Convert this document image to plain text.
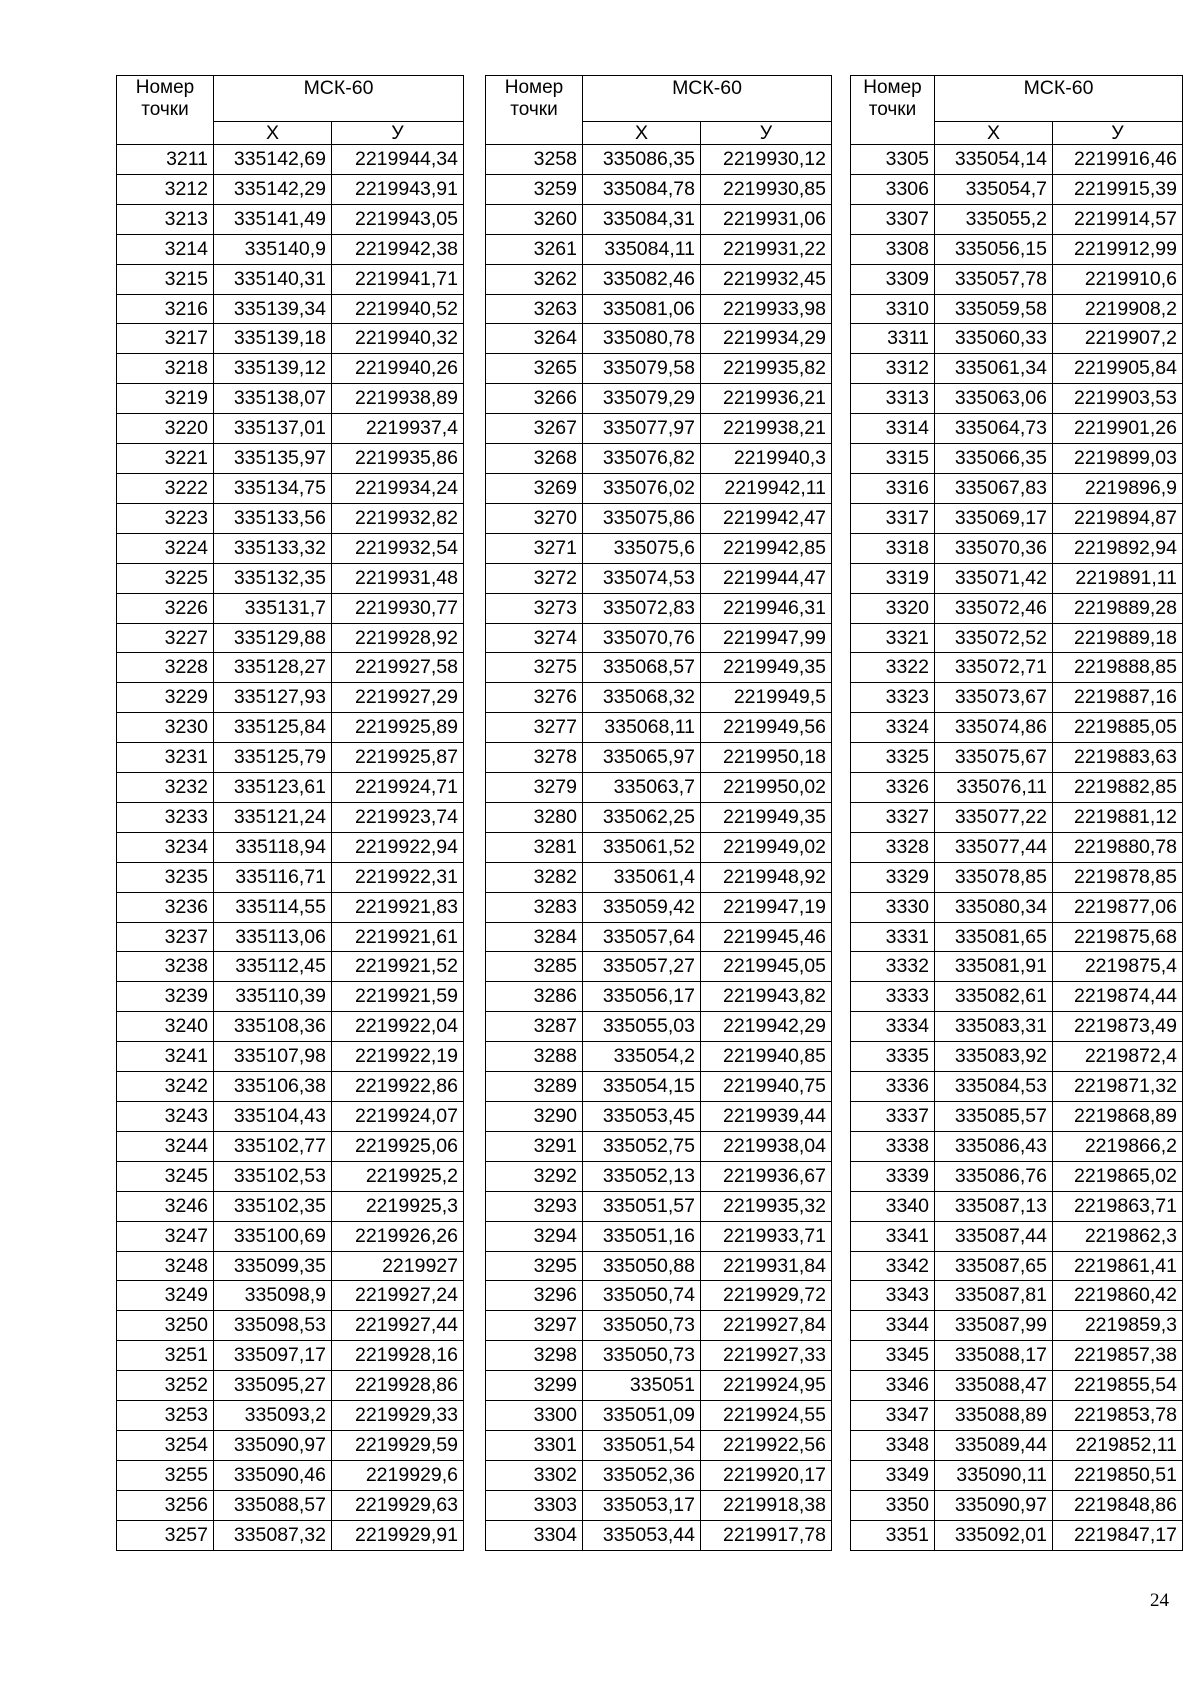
Номер точки	МСК-60	
	Х	У
3211	335142,69	2219944,34
3212	335142,29	2219943,91
3213	335141,49	2219943,05
3214	335140,9	2219942,38
3215	335140,31	2219941,71
3216	335139,34	2219940,52
3217	335139,18	2219940,32
3218	335139,12	2219940,26
3219	335138,07	2219938,89
3220	335137,01	2219937,4
3221	335135,97	2219935,86
3222	335134,75	2219934,24
3223	335133,56	2219932,82
3224	335133,32	2219932,54
3225	335132,35	2219931,48
3226	335131,7	2219930,77
3227	335129,88	2219928,92
3228	335128,27	2219927,58
3229	335127,93	2219927,29
3230	335125,84	2219925,89
3231	335125,79	2219925,87
3232	335123,61	2219924,71
3233	335121,24	2219923,74
3234	335118,94	2219922,94
3235	335116,71	2219922,31
3236	335114,55	2219921,83
3237	335113,06	2219921,61
3238	335112,45	2219921,52
3239	335110,39	2219921,59
3240	335108,36	2219922,04
3241	335107,98	2219922,19
3242	335106,38	2219922,86
3243	335104,43	2219924,07
3244	335102,77	2219925,06
3245	335102,53	2219925,2
3246	335102,35	2219925,3
3247	335100,69	2219926,26
3248	335099,35	2219927
3249	335098,9	2219927,24
3250	335098,53	2219927,44
3251	335097,17	2219928,16
3252	335095,27	2219928,86
3253	335093,2	2219929,33
3254	335090,97	2219929,59
3255	335090,46	2219929,6
3256	335088,57	2219929,63
3257	335087,32	2219929,91
Номер точки	МСК-60	
	Х	У
3258	335086,35	2219930,12
3259	335084,78	2219930,85
3260	335084,31	2219931,06
3261	335084,11	2219931,22
3262	335082,46	2219932,45
3263	335081,06	2219933,98
3264	335080,78	2219934,29
3265	335079,58	2219935,82
3266	335079,29	2219936,21
3267	335077,97	2219938,21
3268	335076,82	2219940,3
3269	335076,02	2219942,11
3270	335075,86	2219942,47
3271	335075,6	2219942,85
3272	335074,53	2219944,47
3273	335072,83	2219946,31
3274	335070,76	2219947,99
3275	335068,57	2219949,35
3276	335068,32	2219949,5
3277	335068,11	2219949,56
3278	335065,97	2219950,18
3279	335063,7	2219950,02
3280	335062,25	2219949,35
3281	335061,52	2219949,02
3282	335061,4	2219948,92
3283	335059,42	2219947,19
3284	335057,64	2219945,46
3285	335057,27	2219945,05
3286	335056,17	2219943,82
3287	335055,03	2219942,29
3288	335054,2	2219940,85
3289	335054,15	2219940,75
3290	335053,45	2219939,44
3291	335052,75	2219938,04
3292	335052,13	2219936,67
3293	335051,57	2219935,32
3294	335051,16	2219933,71
3295	335050,88	2219931,84
3296	335050,74	2219929,72
3297	335050,73	2219927,84
3298	335050,73	2219927,33
3299	335051	2219924,95
3300	335051,09	2219924,55
3301	335051,54	2219922,56
3302	335052,36	2219920,17
3303	335053,17	2219918,38
3304	335053,44	2219917,78
Номер точки	МСК-60	
	Х	У
3305	335054,14	2219916,46
3306	335054,7	2219915,39
3307	335055,2	2219914,57
3308	335056,15	2219912,99
3309	335057,78	2219910,6
3310	335059,58	2219908,2
3311	335060,33	2219907,2
3312	335061,34	2219905,84
3313	335063,06	2219903,53
3314	335064,73	2219901,26
3315	335066,35	2219899,03
3316	335067,83	2219896,9
3317	335069,17	2219894,87
3318	335070,36	2219892,94
3319	335071,42	2219891,11
3320	335072,46	2219889,28
3321	335072,52	2219889,18
3322	335072,71	2219888,85
3323	335073,67	2219887,16
3324	335074,86	2219885,05
3325	335075,67	2219883,63
3326	335076,11	2219882,85
3327	335077,22	2219881,12
3328	335077,44	2219880,78
3329	335078,85	2219878,85
3330	335080,34	2219877,06
3331	335081,65	2219875,68
3332	335081,91	2219875,4
3333	335082,61	2219874,44
3334	335083,31	2219873,49
3335	335083,92	2219872,4
3336	335084,53	2219871,32
3337	335085,57	2219868,89
3338	335086,43	2219866,2
3339	335086,76	2219865,02
3340	335087,13	2219863,71
3341	335087,44	2219862,3
3342	335087,65	2219861,41
3343	335087,81	2219860,42
3344	335087,99	2219859,3
3345	335088,17	2219857,38
3346	335088,47	2219855,54
3347	335088,89	2219853,78
3348	335089,44	2219852,11
3349	335090,11	2219850,51
3350	335090,97	2219848,86
3351	335092,01	2219847,17
24
